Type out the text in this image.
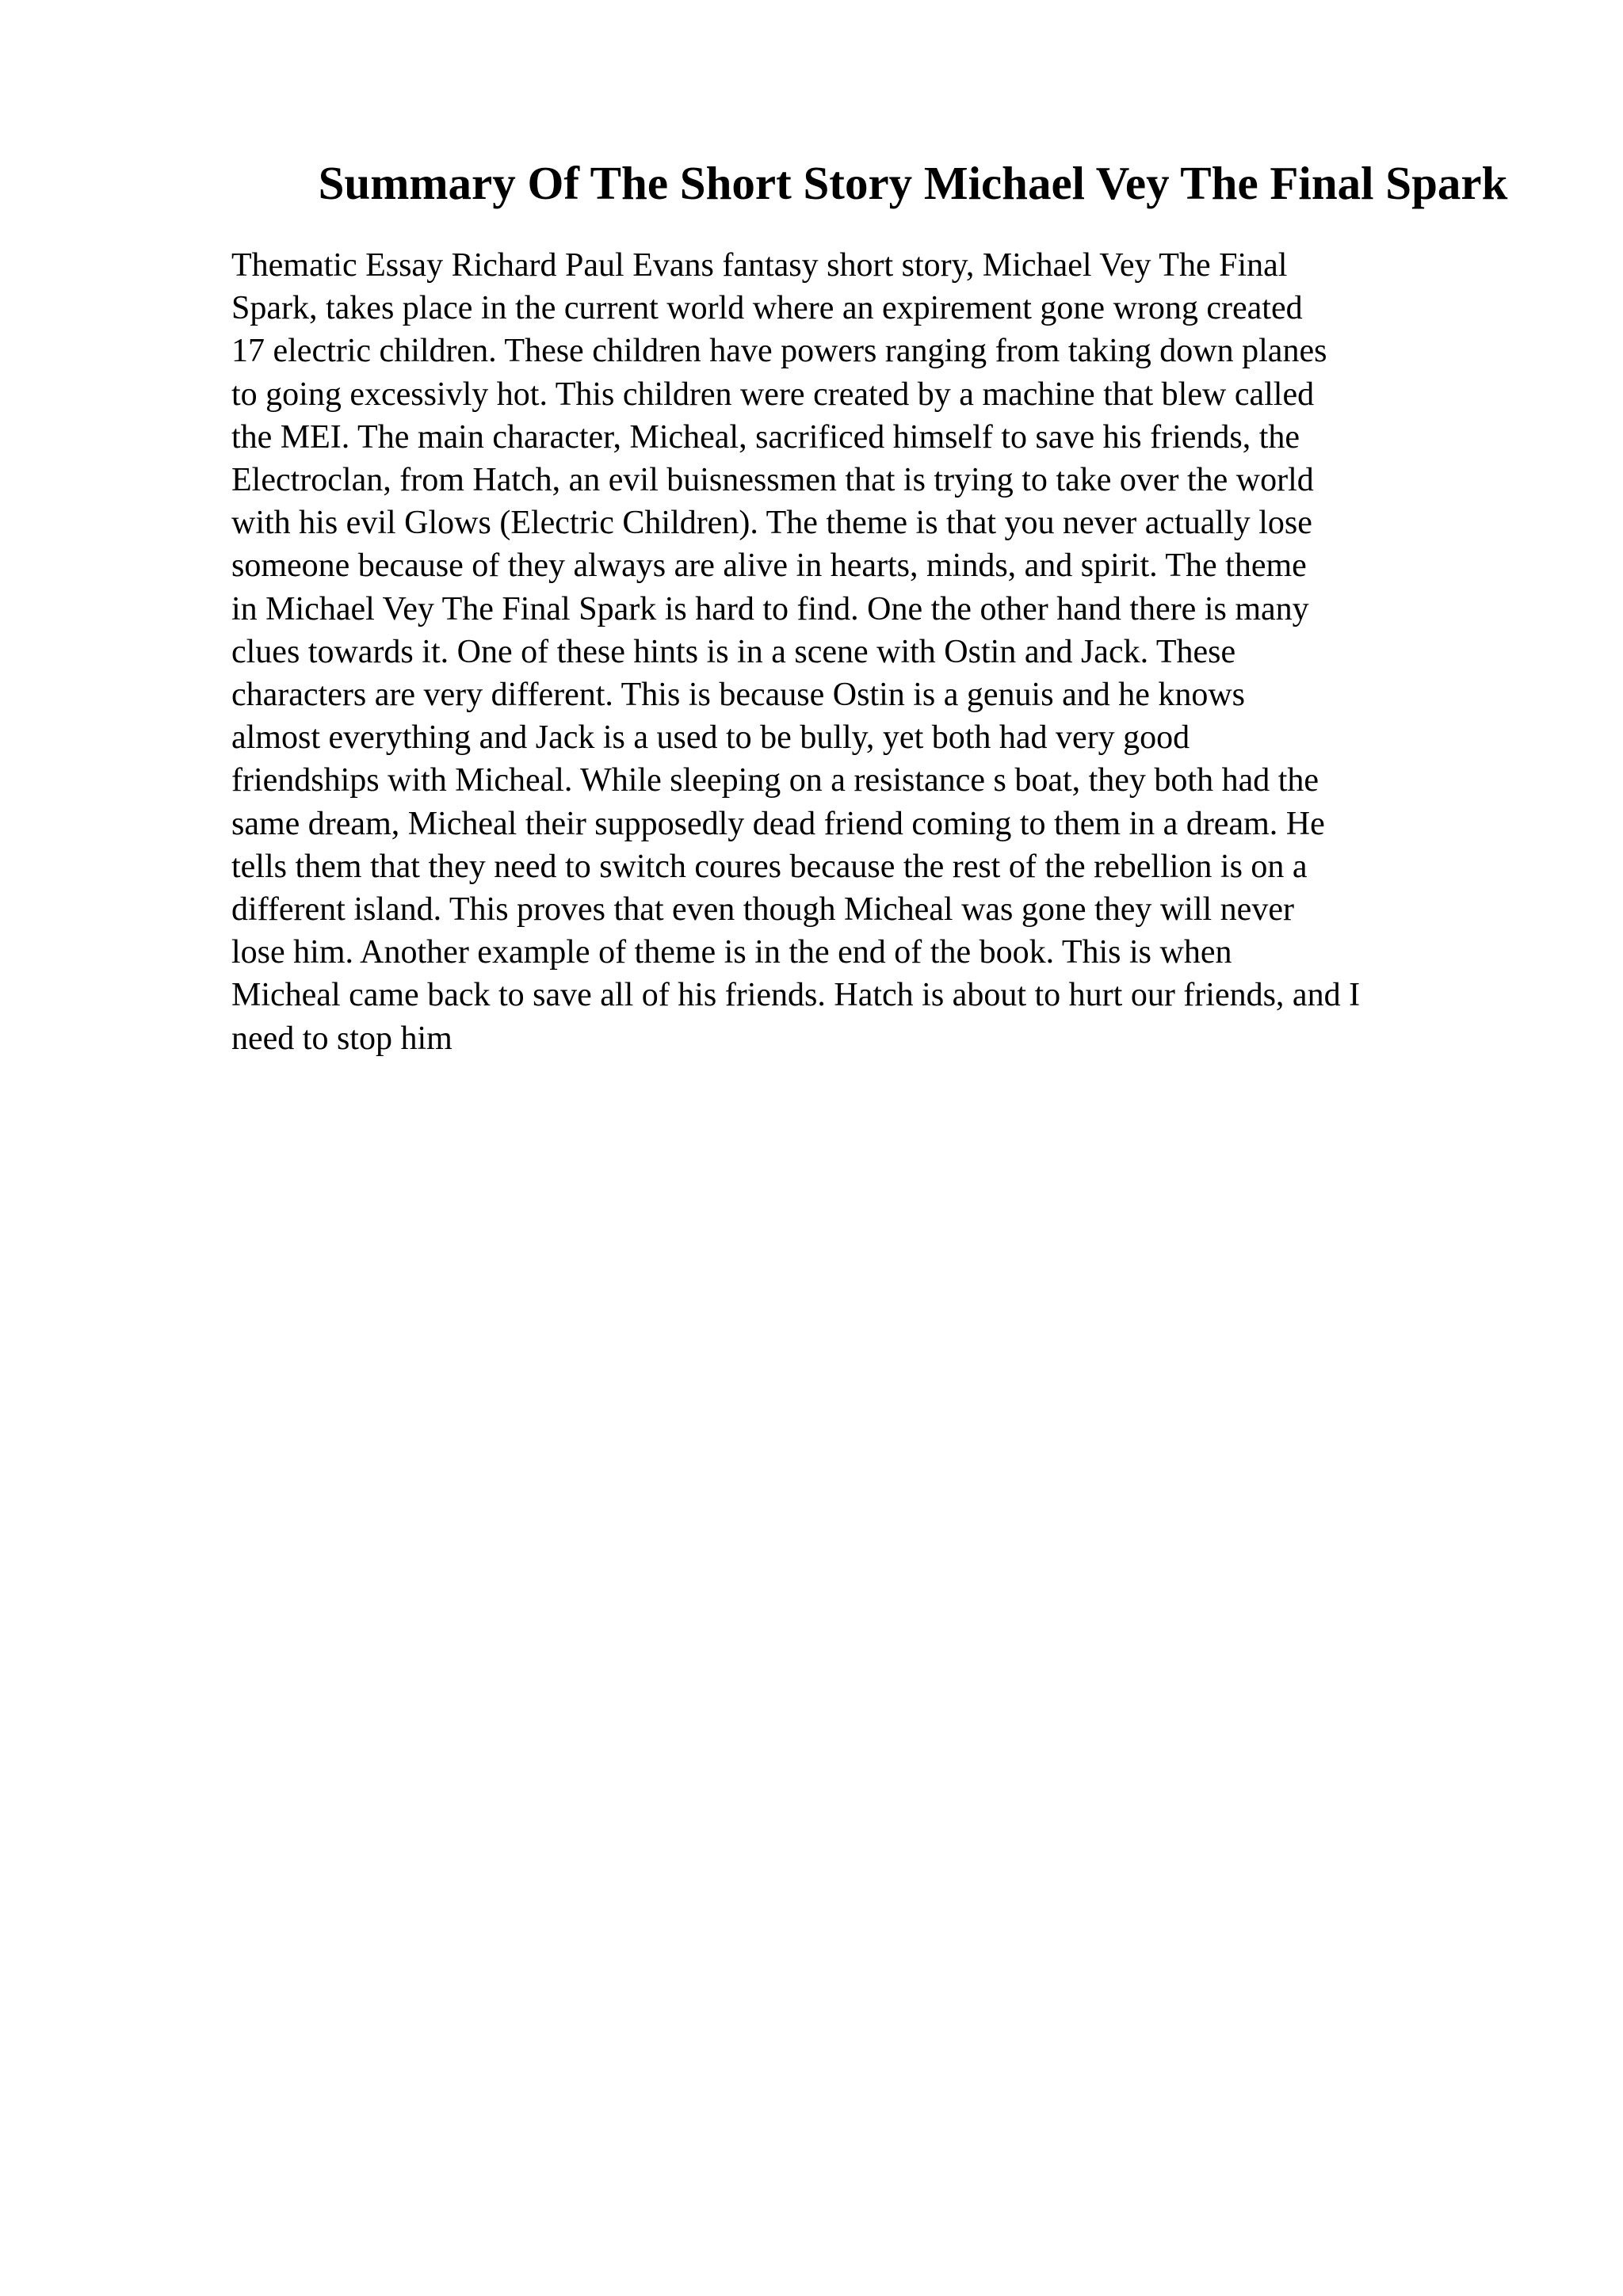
Summary Of The Short Story Michael Vey The Final Spark
Thematic Essay Richard Paul Evans fantasy short story, Michael Vey The Final
Spark, takes place in the current world where an expirement gone wrong created
17 electric children. These children have powers ranging from taking down planes
to going excessivly hot. This children were created by a machine that blew called
the MEI. The main character, Micheal, sacrificed himself to save his friends, the
Electroclan, from Hatch, an evil buisnessmen that is trying to take over the world
with his evil Glows (Electric Children). The theme is that you never actually lose
someone because of they always are alive in hearts, minds, and spirit. The theme
in Michael Vey The Final Spark is hard to find. One the other hand there is many
clues towards it. One of these hints is in a scene with Ostin and Jack. These
characters are very different. This is because Ostin is a genuis and he knows
almost everything and Jack is a used to be bully, yet both had very good
friendships with Micheal. While sleeping on a resistance s boat, they both had the
same dream, Micheal their supposedly dead friend coming to them in a dream. He
tells them that they need to switch coures because the rest of the rebellion is on a
different island. This proves that even though Micheal was gone they will never
lose him. Another example of theme is in the end of the book. This is when
Micheal came back to save all of his friends. Hatch is about to hurt our friends, and I
need to stop him
